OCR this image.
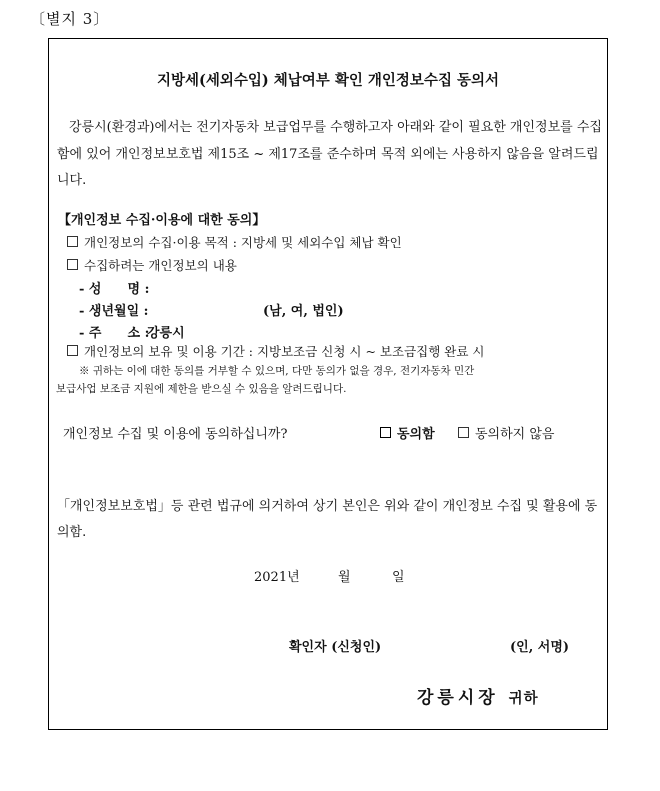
〔별지 3〕
지방세(세외수입) 체납여부 확인 개인정보수집 동의서
강릉시(환경과)에서는 전기자동차 보급업무를 수행하고자 아래와 같이 필요한 개인정보를 수집함에 있어 개인정보보호법 제15조 ~ 제17조를 준수하며 목적 외에는 사용하지 않음을 알려드립니다.
【개인정보 수집·이용에 대한 동의】
개인정보의 수집·이용 목적 : 지방세 및 세외수입 체납 확인
수집하려는 개인정보의 내용
- 성　　명 :
- 생년월일 :	(남, 여, 법인)
- 주　　소 :
강릉시
개인정보의 보유 및 이용 기간 : 지방보조금 신청 시 ~ 보조금집행 완료 시
※ 귀하는 이에 대한 동의를 거부할 수 있으며, 다만 동의가 없을 경우, 전기자동차 민간
보급사업 보조금 지원에 제한을 받으실 수 있음을 알려드립니다.
개인정보 수집 및 이용에 동의하십니까?	동의함	동의하지 않음
「개인정보보호법」등 관련 법규에 의거하여 상기 본인은 위와 같이 개인정보 수집 및 활용에 동의함.
2021년	월	일
확인자 (신청인)	(인, 서명)
강릉시장 귀하
